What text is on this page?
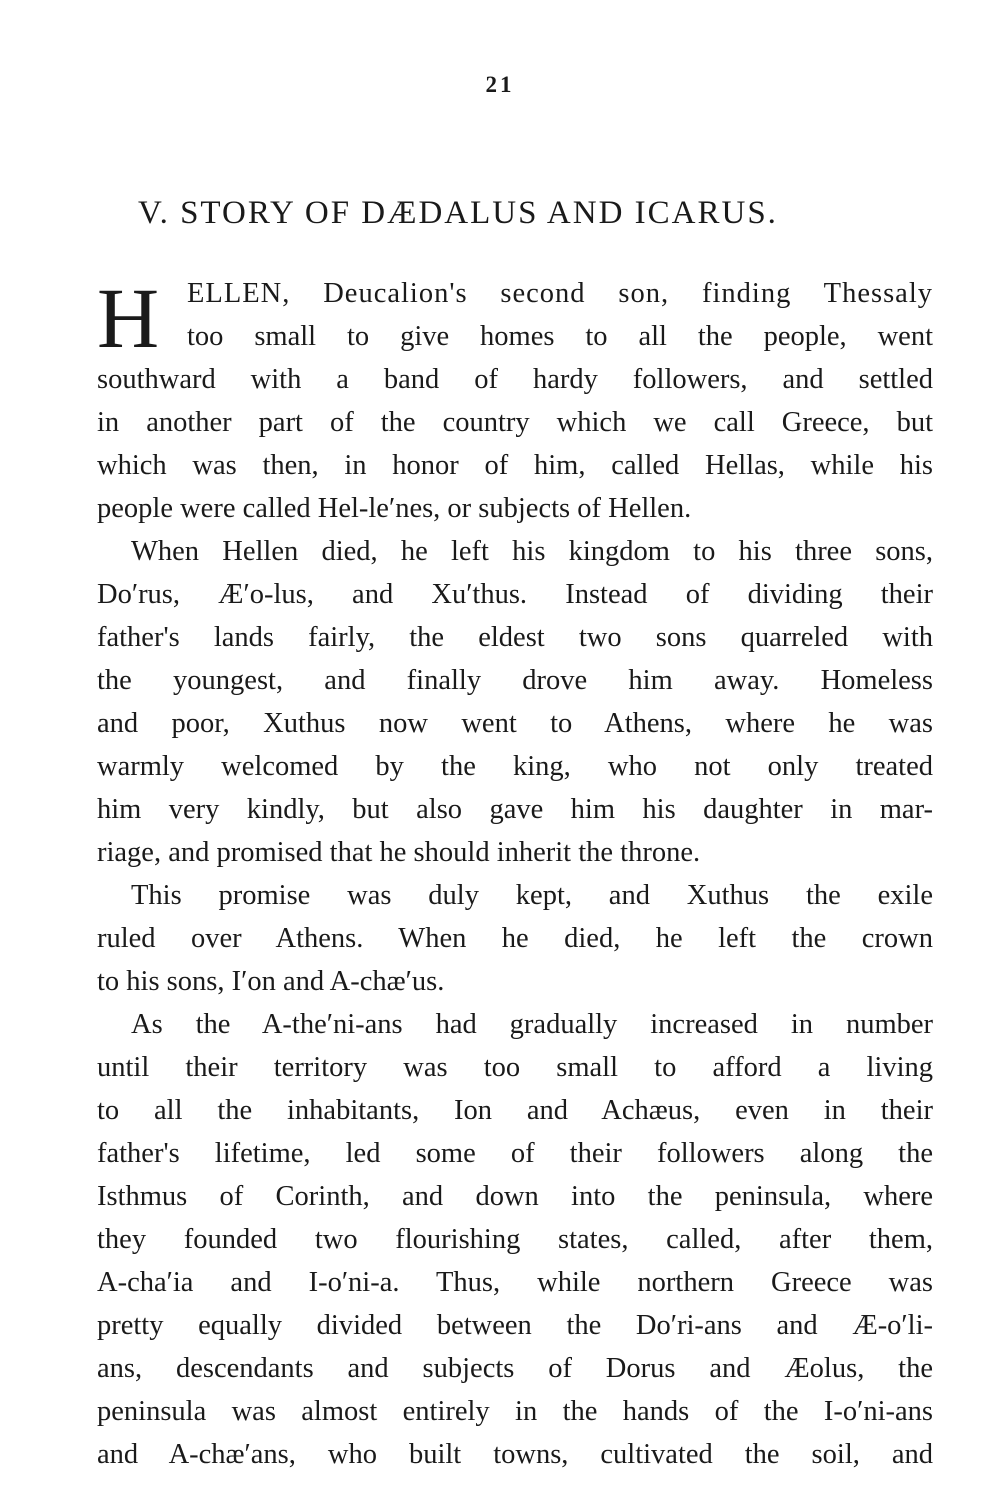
21
V. STORY OF DÆDALUS AND ICARUS.
H ELLEN, Deucalion's second son, finding Thessaly
too small to give homes to all the people, went
southward with a band of hardy followers, and settled
in another part of the country which we call Greece, but
which was then, in honor of him, called Hellas, while his
people were called Hel-le′nes, or subjects of Hellen.
When Hellen died, he left his kingdom to his three sons,
Do′rus, Æ′o-lus, and Xu′thus. Instead of dividing their
father's lands fairly, the eldest two sons quarreled with
the youngest, and finally drove him away. Homeless
and poor, Xuthus now went to Athens, where he was
warmly welcomed by the king, who not only treated
him very kindly, but also gave him his daughter in mar-
riage, and promised that he should inherit the throne.
This promise was duly kept, and Xuthus the exile
ruled over Athens. When he died, he left the crown
to his sons, I′on and A-chæ′us.
As the A-the′ni-ans had gradually increased in number
until their territory was too small to afford a living
to all the inhabitants, Ion and Achæus, even in their
father's lifetime, led some of their followers along the
Isthmus of Corinth, and down into the peninsula, where
they founded two flourishing states, called, after them,
A-cha′ia and I-o′ni-a. Thus, while northern Greece was
pretty equally divided between the Do′ri-ans and Æ-o′li-
ans, descendants and subjects of Dorus and Æolus, the
peninsula was almost entirely in the hands of the I-o′ni-ans
and A-chæ′ans, who built towns, cultivated the soil, and
